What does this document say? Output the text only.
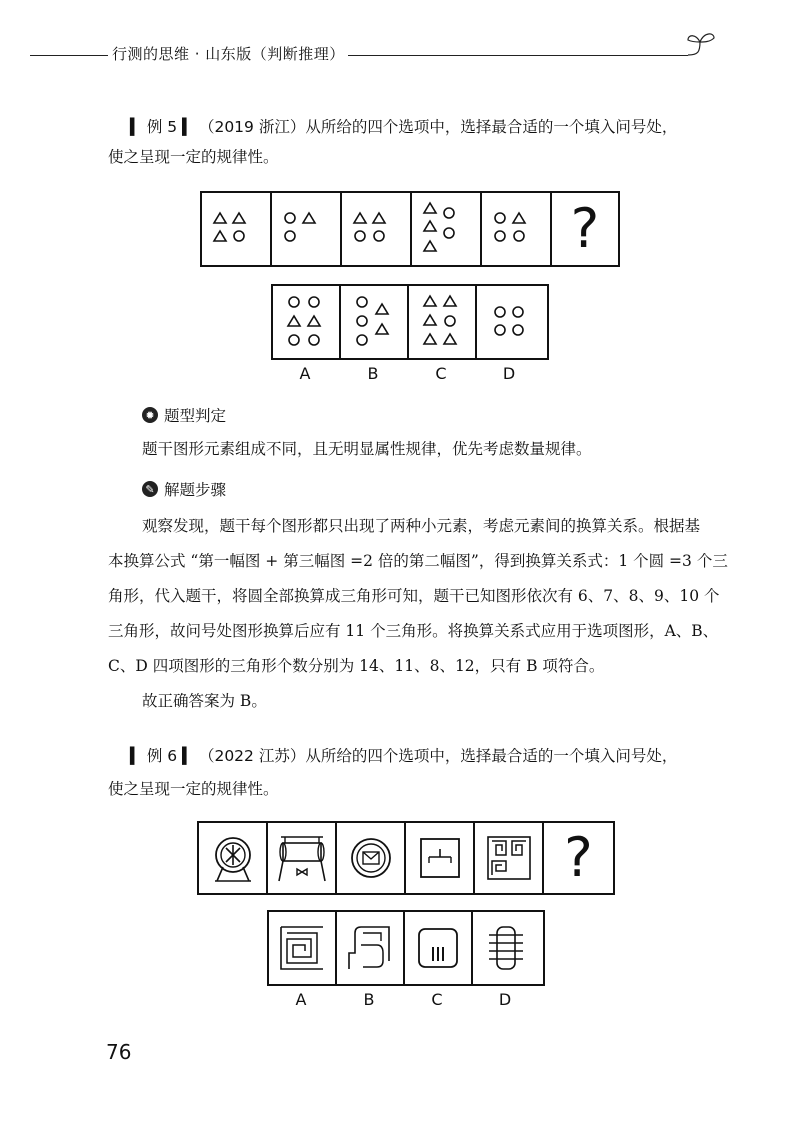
行测的思维 · 山东版（判断推理）
▍ 例 5 ▍ （2019 浙江）从所给的四个选项中，选择最合适的一个填入问号处，
使之呈现一定的规律性。
?
A	B	C	D
✹ 题型判定
题干图形元素组成不同，且无明显属性规律，优先考虑数量规律。
✎ 解题步骤
观察发现，题干每个图形都只出现了两种小元素，考虑元素间的换算关系。根据基
本换算公式 “第一幅图 + 第三幅图 =2 倍的第二幅图”，得到换算关系式：1 个圆 =3 个三
角形，代入题干，将圆全部换算成三角形可知，题干已知图形依次有 6、7、8、9、10 个
三角形，故问号处图形换算后应有 11 个三角形。将换算关系式应用于选项图形，A、B、
C、D 四项图形的三角形个数分别为 14、11、8、12，只有 B 项符合。
故正确答案为 B。
▍ 例 6 ▍ （2022 江苏）从所给的四个选项中，选择最合适的一个填入问号处，
使之呈现一定的规律性。
?
A	B	C	D
76
